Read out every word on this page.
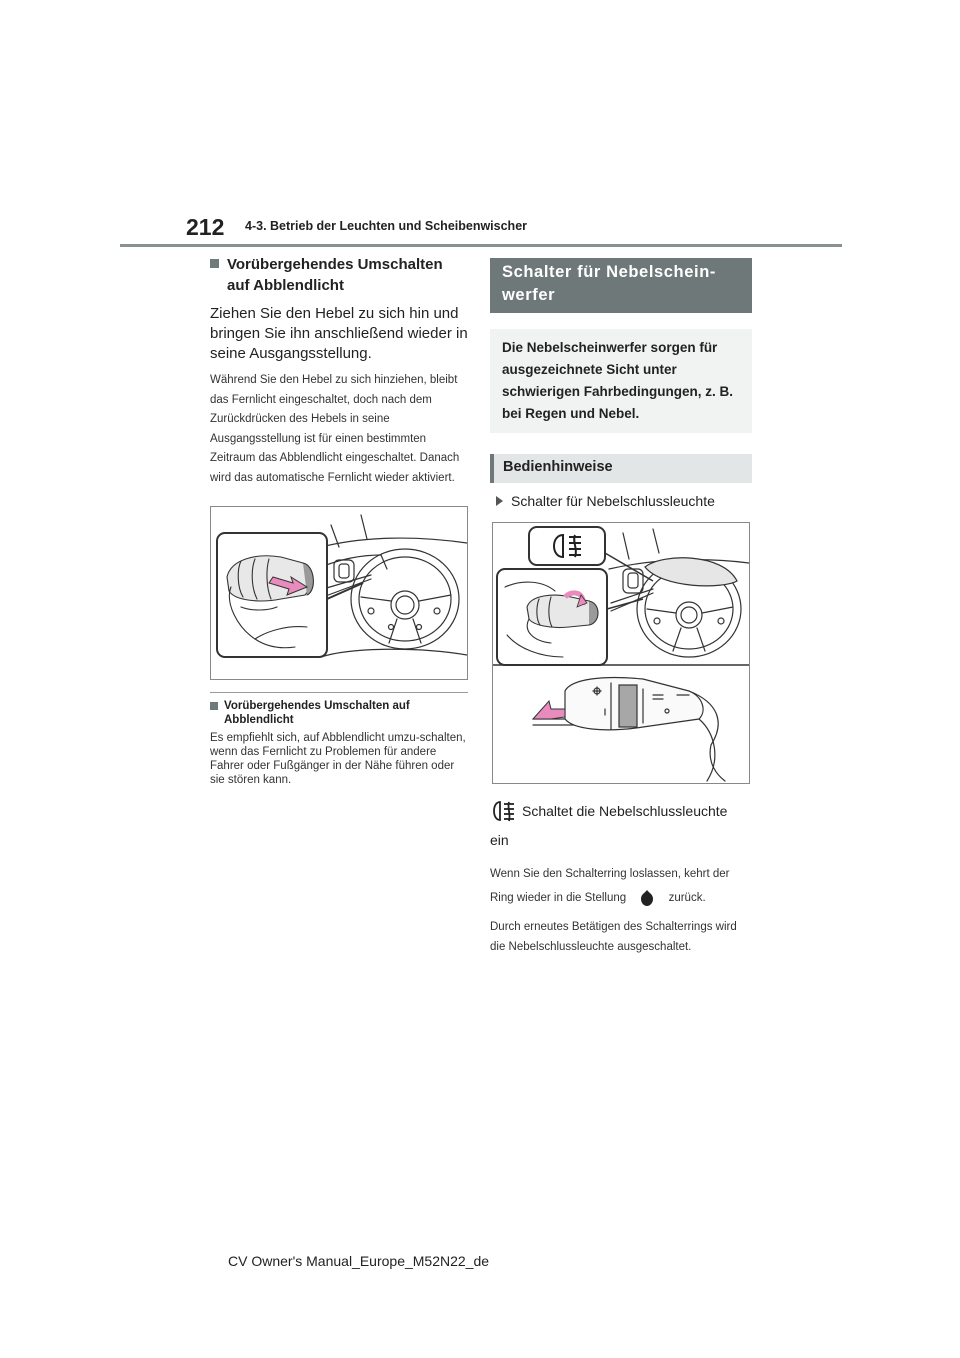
212 4-3. Betrieb der Leuchten und Scheibenwischer
Vorübergehendes Umschalten auf Abblendlicht

Ziehen Sie den Hebel zu sich hin und bringen Sie ihn anschließend wieder in seine Ausgangsstellung.

Während Sie den Hebel zu sich hinziehen, bleibt das Fernlicht eingeschaltet, doch nach dem Zurückdrücken des Hebels in seine Ausgangsstellung ist für einen bestimmten Zeitraum das Abblendlicht eingeschaltet. Danach wird das automatische Fernlicht wieder aktiviert.

Vorübergehendes Umschalten auf Abblendlicht
Es empfiehlt sich, auf Abblendlicht umzu-schalten, wenn das Fernlicht zu Problemen für andere Fahrer oder Fußgänger in der Nähe führen oder sie stören kann.
Schalter für Nebelschein-werfer
Die Nebelscheinwerfer sorgen für ausgezeichnete Sicht unter schwierigen Fahrbedingungen, z. B. bei Regen und Nebel.
Bedienhinweise
Schalter für Nebelschlussleuchte
Schaltet die Nebelschlussleuchte
ein

Wenn Sie den Schalterring loslassen, kehrt der Ring wieder in die Stellung	zurück.

Durch erneutes Betätigen des Schalterrings wird die Nebelschlussleuchte ausgeschaltet.

CV Owner's Manual_Europe_M52N22_de
